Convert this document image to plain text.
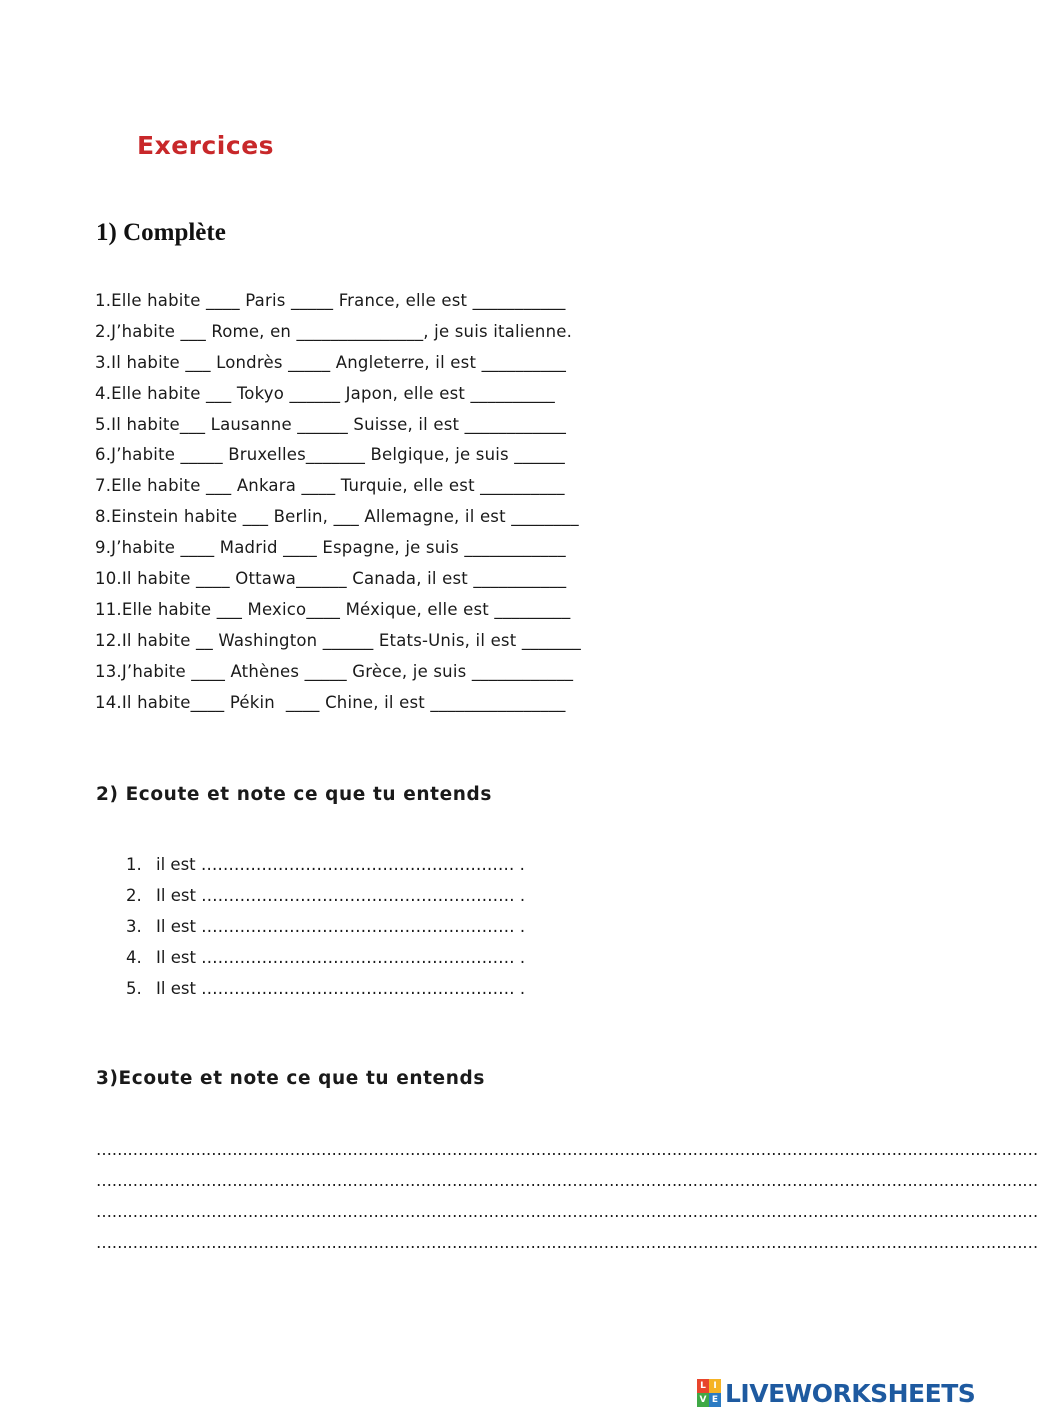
Exercices
1) Complète
1.Elle habite ____ Paris _____ France, elle est ___________
2.J’habite ___ Rome, en _______________, je suis italienne.
3.Il habite ___ Londrès _____ Angleterre, il est __________
4.Elle habite ___ Tokyo ______ Japon, elle est __________
5.Il habite___ Lausanne ______ Suisse, il est ____________
6.J’habite _____ Bruxelles_______ Belgique, je suis ______
7.Elle habite ___ Ankara ____ Turquie, elle est __________
8.Einstein habite ___ Berlin, ___ Allemagne, il est ________
9.J’habite ____ Madrid ____ Espagne, je suis ____________
10.Il habite ____ Ottawa______ Canada, il est ___________
11.Elle habite ___ Mexico____ Méxique, elle est _________
12.Il habite __ Washington ______ Etats-Unis, il est _______
13.J’habite ____ Athènes _____ Grèce, je suis ____________
14.Il habite____ Pékin  ____ Chine, il est ________________
2) Ecoute et note ce que tu entends
1. il est ………………………………………………… .
2. Il est ………………………………………………… .
3. Il est ………………………………………………… .
4. Il est ………………………………………………… .
5. Il est ………………………………………………… .
3)Ecoute et note ce que tu entends
………………………………………………………………………………………………………………………………………………………………
………………………………………………………………………………………………………………………………………………………………
………………………………………………………………………………………………………………………………………………………………
………………………………………………………………………………………………………………………………………………………………
L I
V E LIVEWORKSHEETS
